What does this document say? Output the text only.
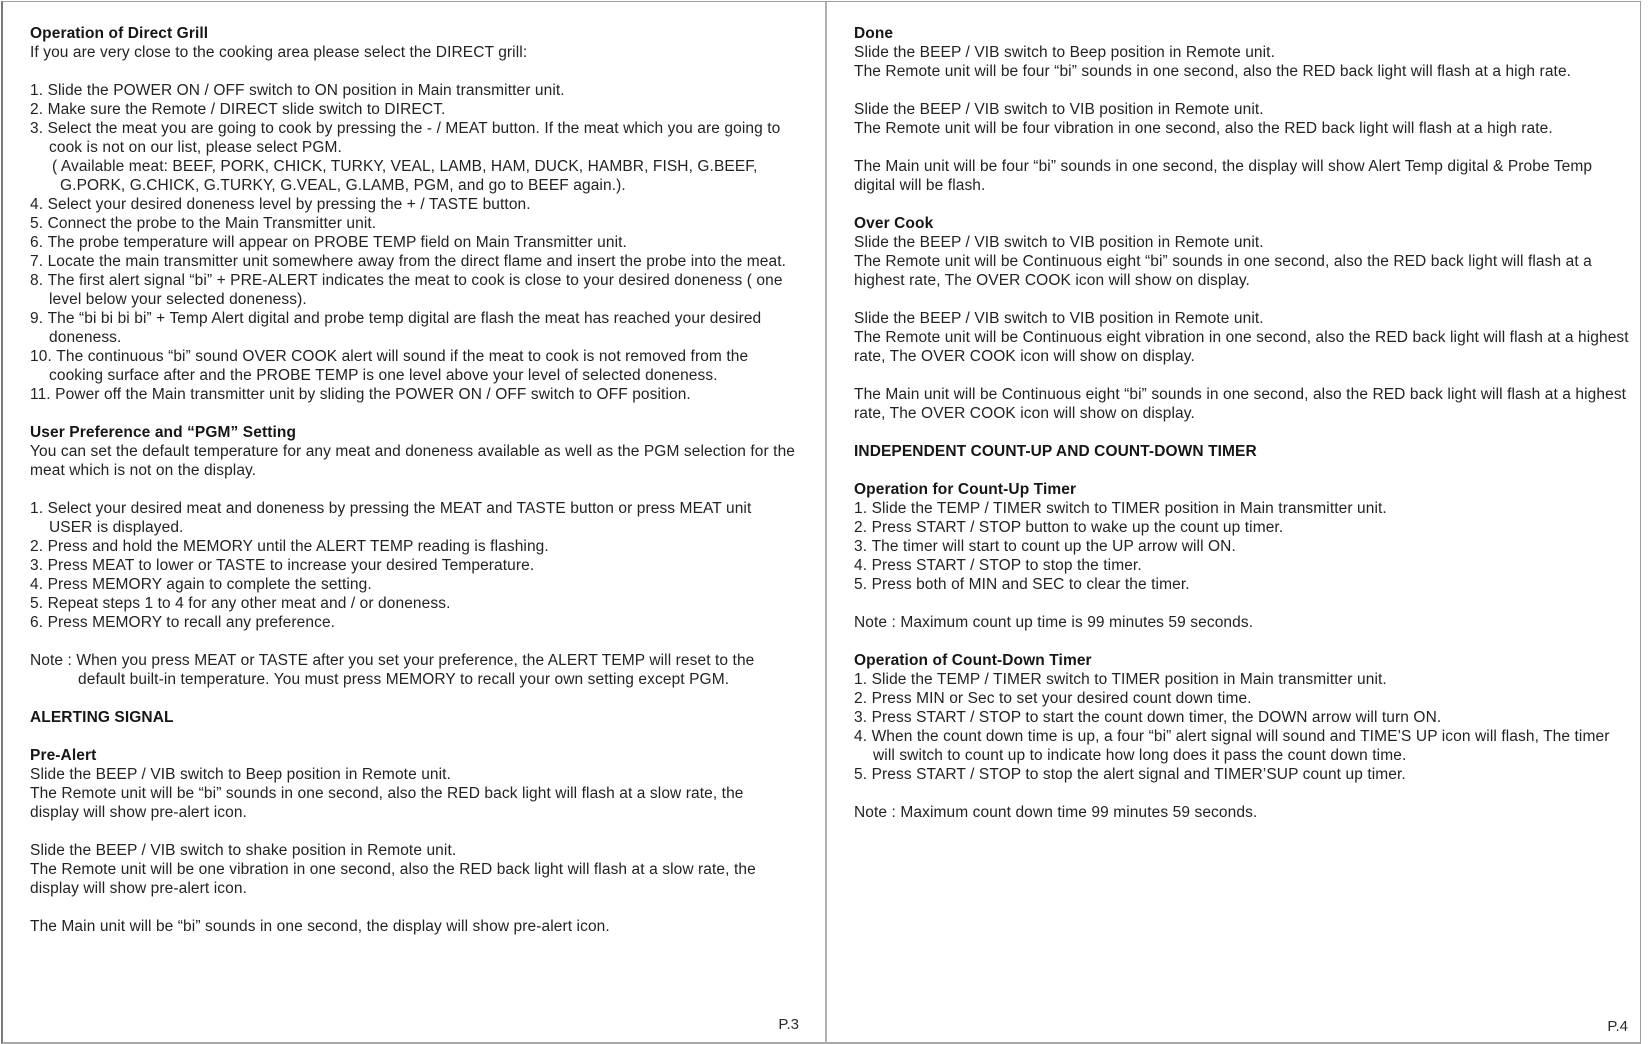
Operation of Direct Grill
If you are very close to the cooking area please select the DIRECT grill:
1. Slide the POWER ON / OFF switch to ON position in Main transmitter unit.
2. Make sure the Remote / DIRECT slide switch to DIRECT.
3. Select the meat you are going to cook by pressing the - / MEAT button. If the meat which you are going to cook is not on our list, please select PGM.
( Available meat: BEEF, PORK, CHICK, TURKY, VEAL, LAMB, HAM, DUCK, HAMBR, FISH, G.BEEF, G.PORK, G.CHICK, G.TURKY, G.VEAL, G.LAMB, PGM, and go to BEEF again.).
4. Select your desired doneness level by pressing the + / TASTE button.
5. Connect the probe to the Main Transmitter unit.
6. The probe temperature will appear on PROBE TEMP field on Main Transmitter unit.
7. Locate the main transmitter unit somewhere away from the direct flame and insert the probe into the meat.
8. The first alert signal “bi” + PRE-ALERT indicates the meat to cook is close to your desired doneness ( one level below your selected doneness).
9. The “bi bi bi bi” + Temp Alert digital and probe temp digital are flash the meat has reached your desired doneness.
10. The continuous “bi” sound OVER COOK alert will sound if the meat to cook is not removed from the cooking surface after and the PROBE TEMP is one level above your level of selected doneness.
11. Power off the Main transmitter unit by sliding the POWER ON / OFF switch to OFF position.
User Preference and “PGM” Setting
You can set the default temperature for any meat and doneness available as well as the PGM selection for the meat which is not on the display.
1. Select your desired meat and doneness by pressing the MEAT and TASTE button or press MEAT unit USER is displayed.
2. Press and hold the MEMORY until the ALERT TEMP reading is flashing.
3. Press MEAT to lower or TASTE to increase your desired Temperature.
4. Press MEMORY again to complete the setting.
5. Repeat steps 1 to 4 for any other meat and / or doneness.
6. Press MEMORY to recall any preference.
Note : When you press MEAT or TASTE after you set your preference, the ALERT TEMP will reset to the default built-in temperature. You must press MEMORY to recall your own setting except PGM.
ALERTING SIGNAL
Pre-Alert
Slide the BEEP / VIB switch to Beep position in Remote unit.
The Remote unit will be “bi” sounds in one second, also the RED back light will flash at a slow rate, the display will show pre-alert icon.
Slide the BEEP / VIB switch to shake position in Remote unit.
The Remote unit will be one vibration in one second, also the RED back light will flash at a slow rate, the display will show pre-alert icon.
The Main unit will be “bi” sounds in one second, the display will show pre-alert icon.
P.3
Done
Slide the BEEP / VIB switch to Beep position in Remote unit.
The Remote unit will be four “bi” sounds in one second, also the RED back light will flash at a high rate.
Slide the BEEP / VIB switch to VIB position in Remote unit.
The Remote unit will be four vibration in one second, also the RED back light will flash at a high rate.
The Main unit will be four “bi” sounds in one second, the display will show Alert Temp digital & Probe Temp digital will be flash.
Over Cook
Slide the BEEP / VIB switch to VIB position in Remote unit.
The Remote unit will be Continuous eight “bi” sounds in one second, also the RED back light will flash at a highest rate, The OVER COOK icon will show on display.
Slide the BEEP / VIB switch to VIB position in Remote unit.
The Remote unit will be Continuous eight vibration in one second, also the RED back light will flash at a highest rate, The OVER COOK icon will show on display.
The Main unit will be Continuous eight “bi” sounds in one second, also the RED back light will flash at a highest rate, The OVER COOK icon will show on display.
INDEPENDENT COUNT-UP AND COUNT-DOWN TIMER
Operation for Count-Up Timer
1. Slide the TEMP / TIMER switch to TIMER position in Main transmitter unit.
2. Press START / STOP button to wake up the count up timer.
3. The timer will start to count up the UP arrow will ON.
4. Press START / STOP to stop the timer.
5. Press both of MIN and SEC to clear the timer.
Note : Maximum count up time is 99 minutes 59 seconds.
Operation of Count-Down Timer
1. Slide the TEMP / TIMER switch to TIMER position in Main transmitter unit.
2. Press MIN or Sec to set your desired count down time.
3. Press START / STOP to start the count down timer, the DOWN arrow will turn ON.
4. When the count down time is up, a four “bi” alert signal will sound and TIME’S UP icon will flash, The timer will switch to count up to indicate how long does it pass the count down time.
5. Press START / STOP to stop the alert signal and TIMER’SUP count up timer.
Note : Maximum count down time 99 minutes 59 seconds.
P.4
